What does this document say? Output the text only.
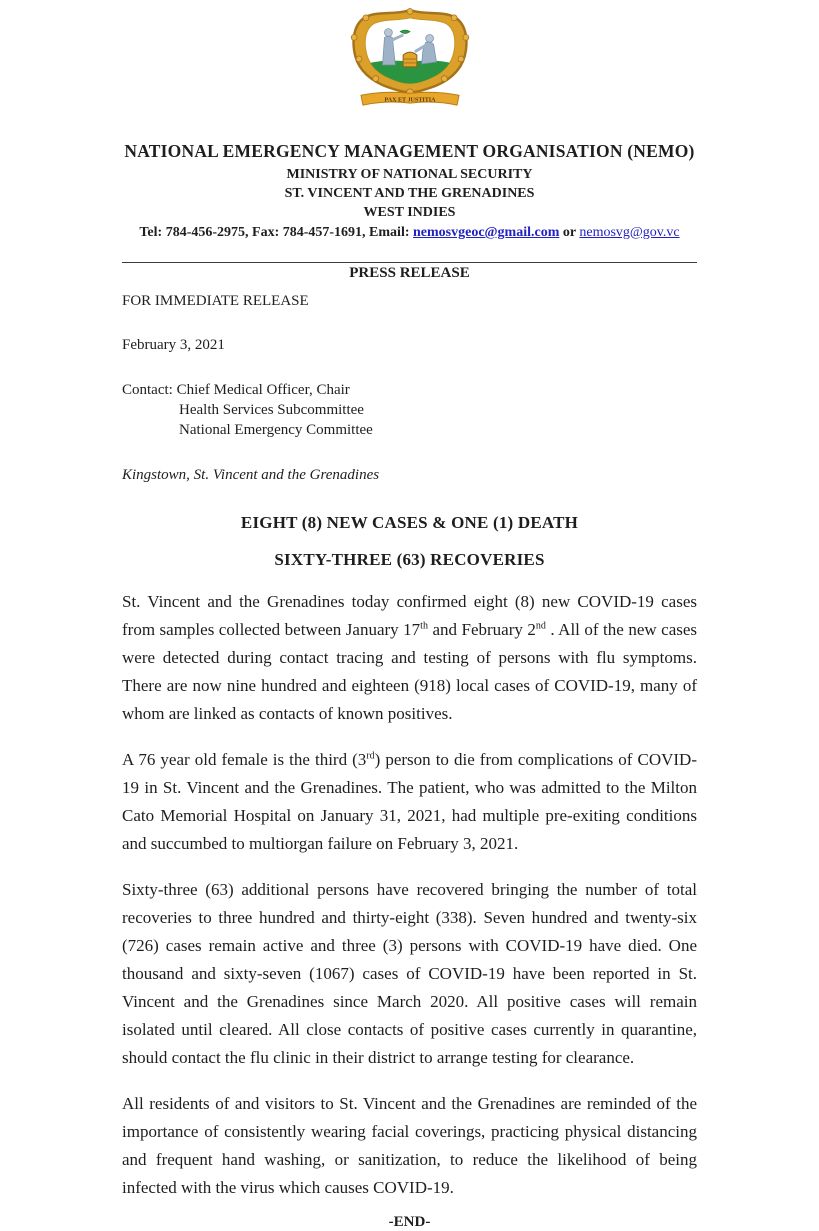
PAX ET JUSTITIA
NATIONAL EMERGENCY MANAGEMENT ORGANISATION (NEMO)
MINISTRY OF NATIONAL SECURITY
ST. VINCENT AND THE GRENADINES
WEST INDIES
Tel: 784-456-2975, Fax: 784-457-1691, Email: nemosvgeoc@gmail.com or nemosvg@gov.vc
PRESS RELEASE
FOR IMMEDIATE RELEASE
February 3, 2021
Contact: Chief Medical Officer, Chair
Health Services Subcommittee
National Emergency Committee
Kingstown, St. Vincent and the Grenadines
EIGHT (8) NEW CASES & ONE (1) DEATH
SIXTY-THREE (63) RECOVERIES

St. Vincent and the Grenadines today confirmed eight (8) new COVID-19 cases from samples collected between January 17th and February 2nd . All of the new cases were detected during contact tracing and testing of persons with flu symptoms. There are now nine hundred and eighteen (918) local cases of COVID-19, many of whom are linked as contacts of known positives.

A 76 year old female is the third (3rd) person to die from complications of COVID-19 in St. Vincent and the Grenadines. The patient, who was admitted to the Milton Cato Memorial Hospital on January 31, 2021, had multiple pre-exiting conditions and succumbed to multiorgan failure on February 3, 2021.

Sixty-three (63) additional persons have recovered bringing the number of total recoveries to three hundred and thirty-eight (338). Seven hundred and twenty-six (726) cases remain active and three (3) persons with COVID-19 have died. One thousand and sixty-seven (1067) cases of COVID-19 have been reported in St. Vincent and the Grenadines since March 2020. All positive cases will remain isolated until cleared. All close contacts of positive cases currently in quarantine, should contact the flu clinic in their district to arrange testing for clearance.

All residents of and visitors to St. Vincent and the Grenadines are reminded of the importance of consistently wearing facial coverings, practicing physical distancing and frequent hand washing, or sanitization, to reduce the likelihood of being infected with the virus which causes COVID-19.

-END-
